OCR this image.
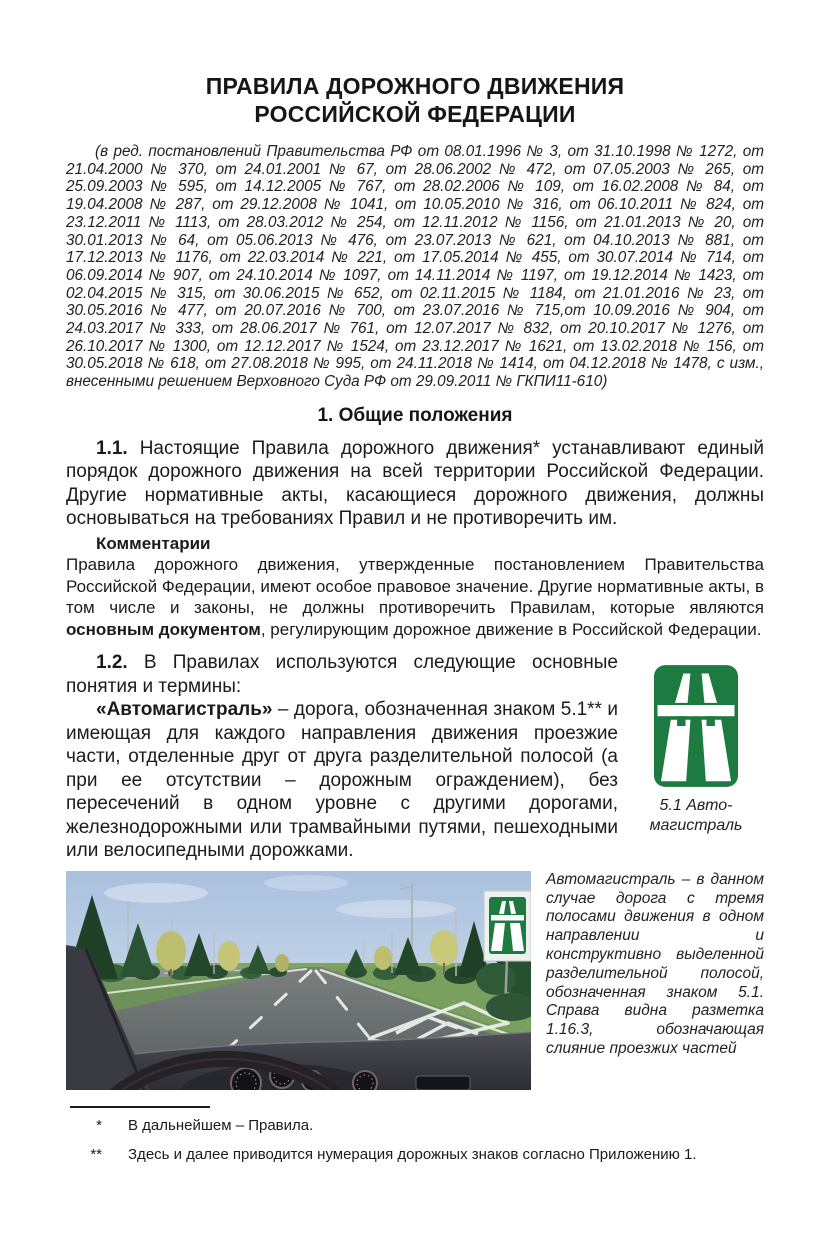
ПРАВИЛА ДОРОЖНОГО ДВИЖЕНИЯ
РОССИЙСКОЙ ФЕДЕРАЦИИ

(в ред. постановлений Правительства РФ от 08.01.1996 № 3, от 31.10.1998 № 1272, от 21.04.2000 № 370, от 24.01.2001 № 67, от 28.06.2002 № 472, от 07.05.2003 № 265, от 25.09.2003 № 595, от 14.12.2005 № 767, от 28.02.2006 № 109, от 16.02.2008 № 84, от 19.04.2008 № 287, от 29.12.2008 № 1041, от 10.05.2010 № 316, от 06.10.2011 № 824, от 23.12.2011 № 1113, от 28.03.2012 № 254, от 12.11.2012 № 1156, от 21.01.2013 № 20, от 30.01.2013 № 64, от 05.06.2013 № 476, от 23.07.2013 № 621, от 04.10.2013 № 881, от 17.12.2013 № 1176, от 22.03.2014 № 221, от 17.05.2014 № 455, от 30.07.2014 № 714, от 06.09.2014 № 907, от 24.10.2014 № 1097, от 14.11.2014 № 1197, от 19.12.2014 № 1423, от 02.04.2015 № 315, от 30.06.2015 № 652, от 02.11.2015 № 1184, от 21.01.2016 № 23, от 30.05.2016 № 477, от 20.07.2016 № 700, от 23.07.2016 № 715,от 10.09.2016 № 904, от 24.03.2017 № 333, от 28.06.2017 № 761, от 12.07.2017 № 832, от 20.10.2017 № 1276, от 26.10.2017 № 1300, от 12.12.2017 № 1524, от 23.12.2017 № 1621, от 13.02.2018 № 156, от 30.05.2018 № 618, от 27.08.2018 № 995, от 24.11.2018 № 1414, от 04.12.2018 № 1478, с изм., внесенными решением Верховного Суда РФ от 29.09.2011 № ГКПИ11-610)

1. Общие положения

1.1. Настоящие Правила дорожного движения* устанавливают единый порядок дорожного движения на всей территории Российской Федерации. Другие нормативные акты, касающиеся дорожного движения, должны основываться на требованиях Правил и не противоречить им.

Комментарии

Правила дорожного движения, утвержденные постановлением Правительства Российской Федерации, имеют особое правовое значение. Другие нормативные акты, в том числе и законы, не должны противоречить Правилам, которые являются основным документом, регулирующим дорожное движение в Российской Федерации.

5.1 Авто-
магистраль

1.2. В Правилах используются следующие основные понятия и термины:

«Автомагистраль» – дорога, обозначенная знаком 5.1** и имеющая для каждого направления движения проезжие части, отделенные друг от друга разделительной полосой (а при ее отсутствии – дорожным ограждением), без пересечений в одном уровне с другими дорогами, железнодорожными или трамвайными путями, пешеходными или велосипедными дорожками.

Автомагистраль – в данном случае дорога с тремя полосами движения в одном направлении и конструктивно выделенной разделительной полосой, обозначенная знаком 5.1. Справа видна разметка 1.16.3, обозначающая слияние проезжих частей
*	В дальнейшем – Правила.
**	Здесь и далее приводится нумерация дорожных знаков согласно Приложению 1.
